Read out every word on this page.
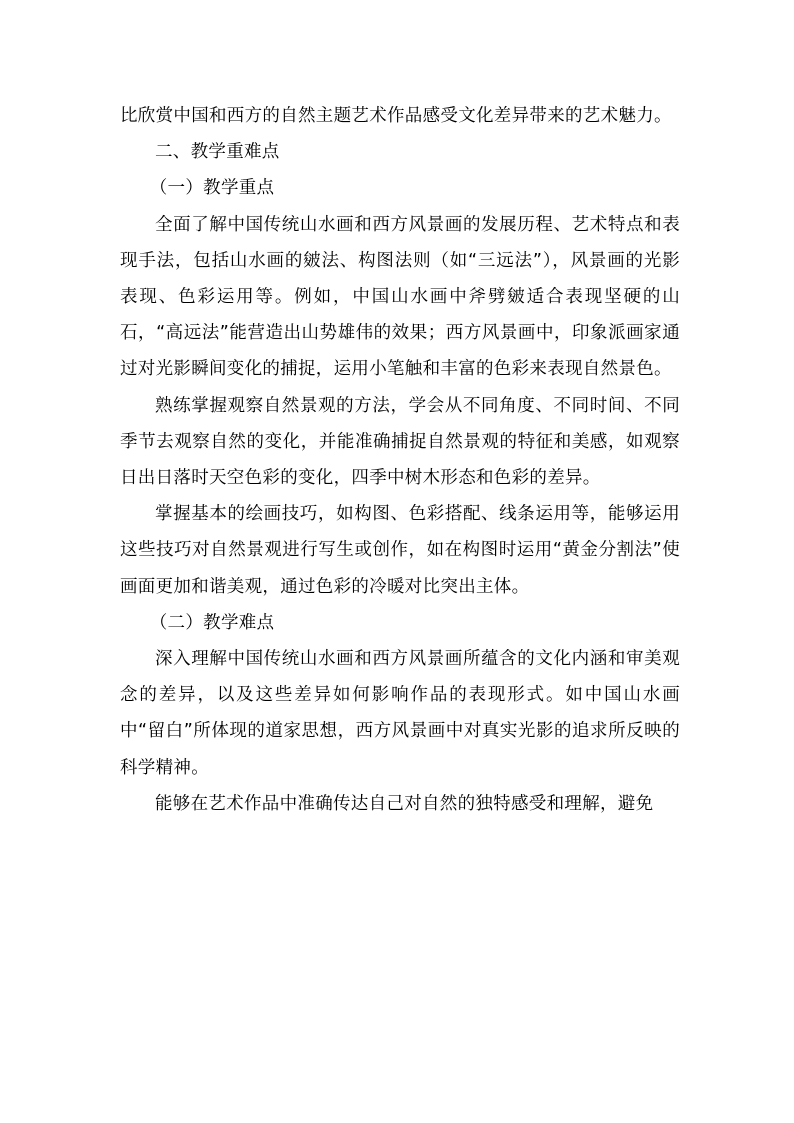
比欣赏中国和西方的自然主题艺术作品感受文化差异带来的艺术魅力。

二、教学重难点

（一）教学重点

全面了解中国传统山水画和西方风景画的发展历程、艺术特点和表现手法，包括山水画的皴法、构图法则（如“三远法”），风景画的光影表现、色彩运用等。例如，中国山水画中斧劈皴适合表现坚硬的山石，“高远法”能营造出山势雄伟的效果；西方风景画中，印象派画家通过对光影瞬间变化的捕捉，运用小笔触和丰富的色彩来表现自然景色。

熟练掌握观察自然景观的方法，学会从不同角度、不同时间、不同季节去观察自然的变化，并能准确捕捉自然景观的特征和美感，如观察日出日落时天空色彩的变化，四季中树木形态和色彩的差异。

掌握基本的绘画技巧，如构图、色彩搭配、线条运用等，能够运用这些技巧对自然景观进行写生或创作，如在构图时运用“黄金分割法”使画面更加和谐美观，通过色彩的冷暖对比突出主体。

（二）教学难点

深入理解中国传统山水画和西方风景画所蕴含的文化内涵和审美观念的差异，以及这些差异如何影响作品的表现形式。如中国山水画中“留白”所体现的道家思想，西方风景画中对真实光影的追求所反映的科学精神。

能够在艺术作品中准确传达自己对自然的独特感受和理解，避免
